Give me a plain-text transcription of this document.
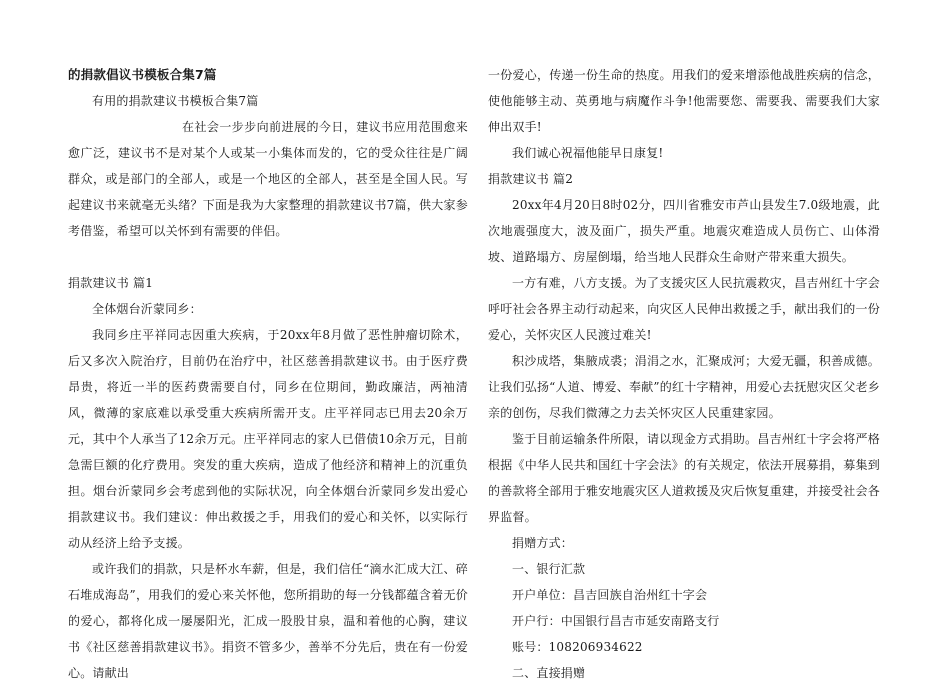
的捐款倡议书模板合集7篇

有用的捐款建议书模板合集7篇

在社会一步步向前进展的今日，建议书应用范围愈来愈广泛，建议书不是对某个人或某一小集体而发的，它的受众往往是广阔群众，或是部门的全部人，或是一个地区的全部人，甚至是全国人民。写起建议书来就毫无头绪？下面是我为大家整理的捐款建议书7篇，供大家参考借鉴，希望可以关怀到有需要的伴侣。

捐款建议书 篇1

全体烟台沂蒙同乡：

我同乡庄平祥同志因重大疾病，于20xx年8月做了恶性肿瘤切除术，后又多次入院治疗，目前仍在治疗中，社区慈善捐款建议书。由于医疗费昂贵，将近一半的医药费需要自付，同乡在位期间，勤政廉洁，两袖清风，微薄的家底难以承受重大疾病所需开支。庄平祥同志已用去20余万元，其中个人承当了12余万元。庄平祥同志的家人已借债10余万元，目前急需巨额的化疗费用。突发的重大疾病，造成了他经济和精神上的沉重负担。烟台沂蒙同乡会考虑到他的实际状况，向全体烟台沂蒙同乡发出爱心捐款建议书。我们建议：伸出救援之手，用我们的爱心和关怀，以实际行动从经济上给予支援。

或许我们的捐款，只是杯水车薪，但是，我们信任“滴水汇成大江、碎石堆成海岛”，用我们的爱心来关怀他，您所捐助的每一分钱都蕴含着无价的爱心，都将化成一屡屡阳光，汇成一股股甘泉，温和着他的心胸，建议书《社区慈善捐款建议书》。捐资不管多少，善举不分先后，贵在有一份爱心。请献出

一份爱心，传递一份生命的热度。用我们的爱来增添他战胜疾病的信念，使他能够主动、英勇地与病魔作斗争!他需要您、需要我、需要我们大家伸出双手!

我们诚心祝福他能早日康复!

捐款建议书 篇2

20xx年4月20日8时02分，四川省雅安市芦山县发生7.0级地震，此次地震强度大，波及面广，损失严重。地震灾难造成人员伤亡、山体滑坡、道路塌方、房屋倒塌，给当地人民群众生命财产带来重大损失。

一方有难，八方支援。为了支援灾区人民抗震救灾，昌吉州红十字会呼吁社会各界主动行动起来，向灾区人民伸出救援之手，献出我们的一份爱心，关怀灾区人民渡过难关!

积沙成塔，集腋成裘；涓涓之水，汇聚成河；大爱无疆，积善成德。让我们弘扬“人道、博爱、奉献”的红十字精神，用爱心去抚慰灾区父老乡亲的创伤，尽我们微薄之力去关怀灾区人民重建家园。

鉴于目前运输条件所限，请以现金方式捐助。昌吉州红十字会将严格根据《中华人民共和国红十字会法》的有关规定，依法开展募捐，募集到的善款将全部用于雅安地震灾区人道救援及灾后恢复重建，并接受社会各界监督。

捐赠方式：

一、银行汇款

开户单位：昌吉回族自治州红十字会

开户行：中国银行昌吉市延安南路支行

账号：108206934622

二、直接捐赠
